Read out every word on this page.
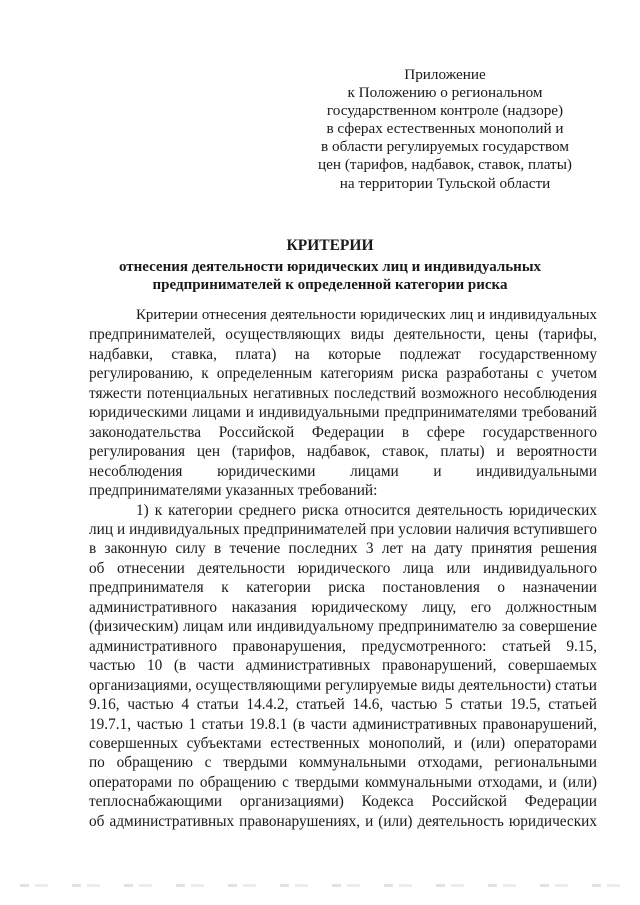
Приложение
к Положению о региональном
государственном контроле (надзоре)
в сферах естественных монополий и
в области регулируемых государством
цен (тарифов, надбавок, ставок, платы)
на территории Тульской области
КРИТЕРИИ
отнесения деятельности юридических лиц и индивидуальных
предпринимателей к определенной категории риска
Критерии отнесения деятельности юридических лиц и индивидуальных
предпринимателей, осуществляющих виды деятельности, цены (тарифы,
надбавки, ставка, плата) на которые подлежат государственному
регулированию, к определенным категориям риска разработаны с учетом
тяжести потенциальных негативных последствий возможного несоблюдения
юридическими лицами и индивидуальными предпринимателями требований
законодательства Российской Федерации в сфере государственного
регулирования цен (тарифов, надбавок, ставок, платы) и вероятности
несоблюдения юридическими лицами и индивидуальными
предпринимателями указанных требований:
1) к категории среднего риска относится деятельность юридических
лиц и индивидуальных предпринимателей при условии наличия вступившего
в законную силу в течение последних 3 лет на дату принятия решения
об отнесении деятельности юридического лица или индивидуального
предпринимателя к категории риска постановления о назначении
административного наказания юридическому лицу, его должностным
(физическим) лицам или индивидуальному предпринимателю за совершение
административного правонарушения, предусмотренного: статьей 9.15,
частью 10 (в части административных правонарушений, совершаемых
организациями, осуществляющими регулируемые виды деятельности) статьи
9.16, частью 4 статьи 14.4.2, статьей 14.6, частью 5 статьи 19.5, статьей
19.7.1, частью 1 статьи 19.8.1 (в части административных правонарушений,
совершенных субъектами естественных монополий, и (или) операторами
по обращению с твердыми коммунальными отходами, региональными
операторами по обращению с твердыми коммунальными отходами, и (или)
теплоснабжающими организациями) Кодекса Российской Федерации
об административных правонарушениях, и (или) деятельность юридических
